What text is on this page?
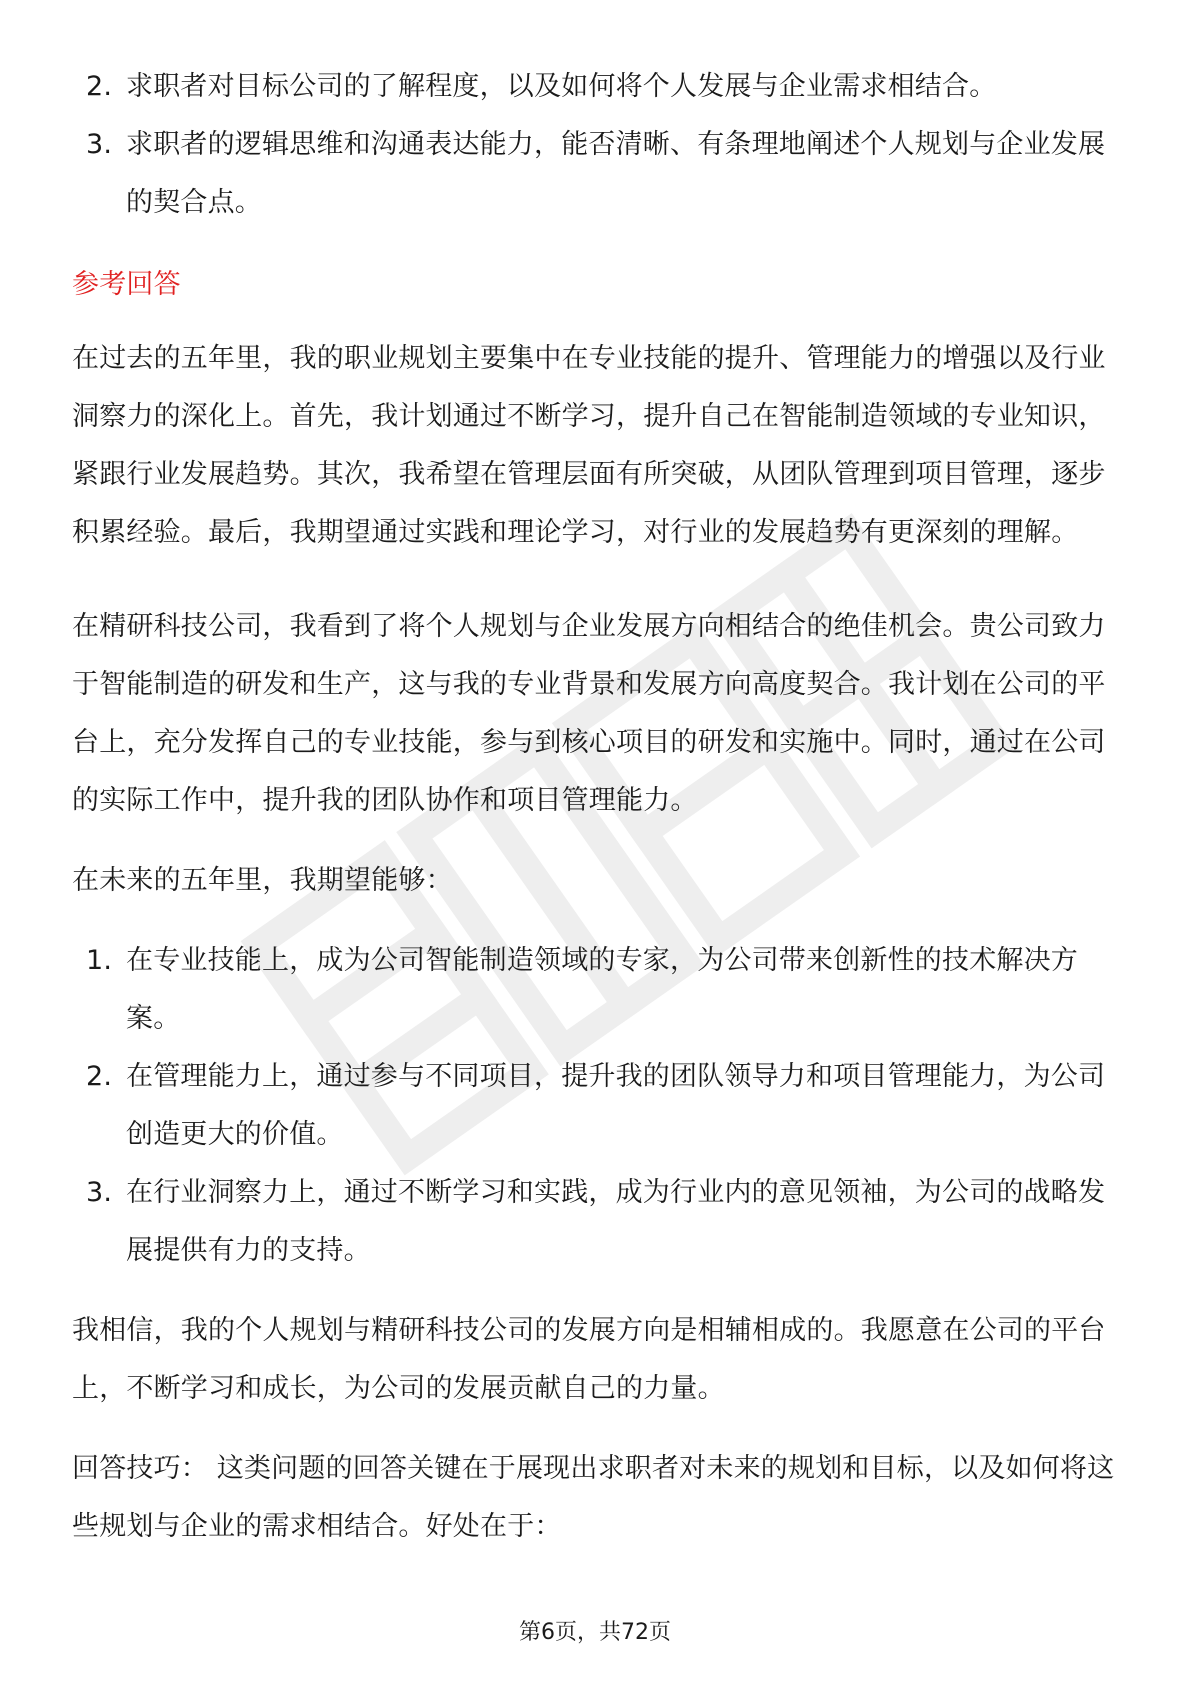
2. 求职者对目标公司的了解程度，以及如何将个人发展与企业需求相结合。
3. 求职者的逻辑思维和沟通表达能力，能否清晰、有条理地阐述个人规划与企业发展的契合点。
参考回答

在过去的五年里，我的职业规划主要集中在专业技能的提升、管理能力的增强以及行业洞察力的深化上。首先，我计划通过不断学习，提升自己在智能制造领域的专业知识，紧跟行业发展趋势。其次，我希望在管理层面有所突破，从团队管理到项目管理，逐步积累经验。最后，我期望通过实践和理论学习，对行业的发展趋势有更深刻的理解。

在精研科技公司，我看到了将个人规划与企业发展方向相结合的绝佳机会。贵公司致力于智能制造的研发和生产，这与我的专业背景和发展方向高度契合。我计划在公司的平台上，充分发挥自己的专业技能，参与到核心项目的研发和实施中。同时，通过在公司的实际工作中，提升我的团队协作和项目管理能力。

在未来的五年里，我期望能够：

1. 在专业技能上，成为公司智能制造领域的专家，为公司带来创新性的技术解决方案。
2. 在管理能力上，通过参与不同项目，提升我的团队领导力和项目管理能力，为公司创造更大的价值。
3. 在行业洞察力上，通过不断学习和实践，成为行业内的意见领袖，为公司的战略发展提供有力的支持。

我相信，我的个人规划与精研科技公司的发展方向是相辅相成的。我愿意在公司的平台上，不断学习和成长，为公司的发展贡献自己的力量。

回答技巧： 这类问题的回答关键在于展现出求职者对未来的规划和目标，以及如何将这些规划与企业的需求相结合。好处在于：

第6页，共72页
